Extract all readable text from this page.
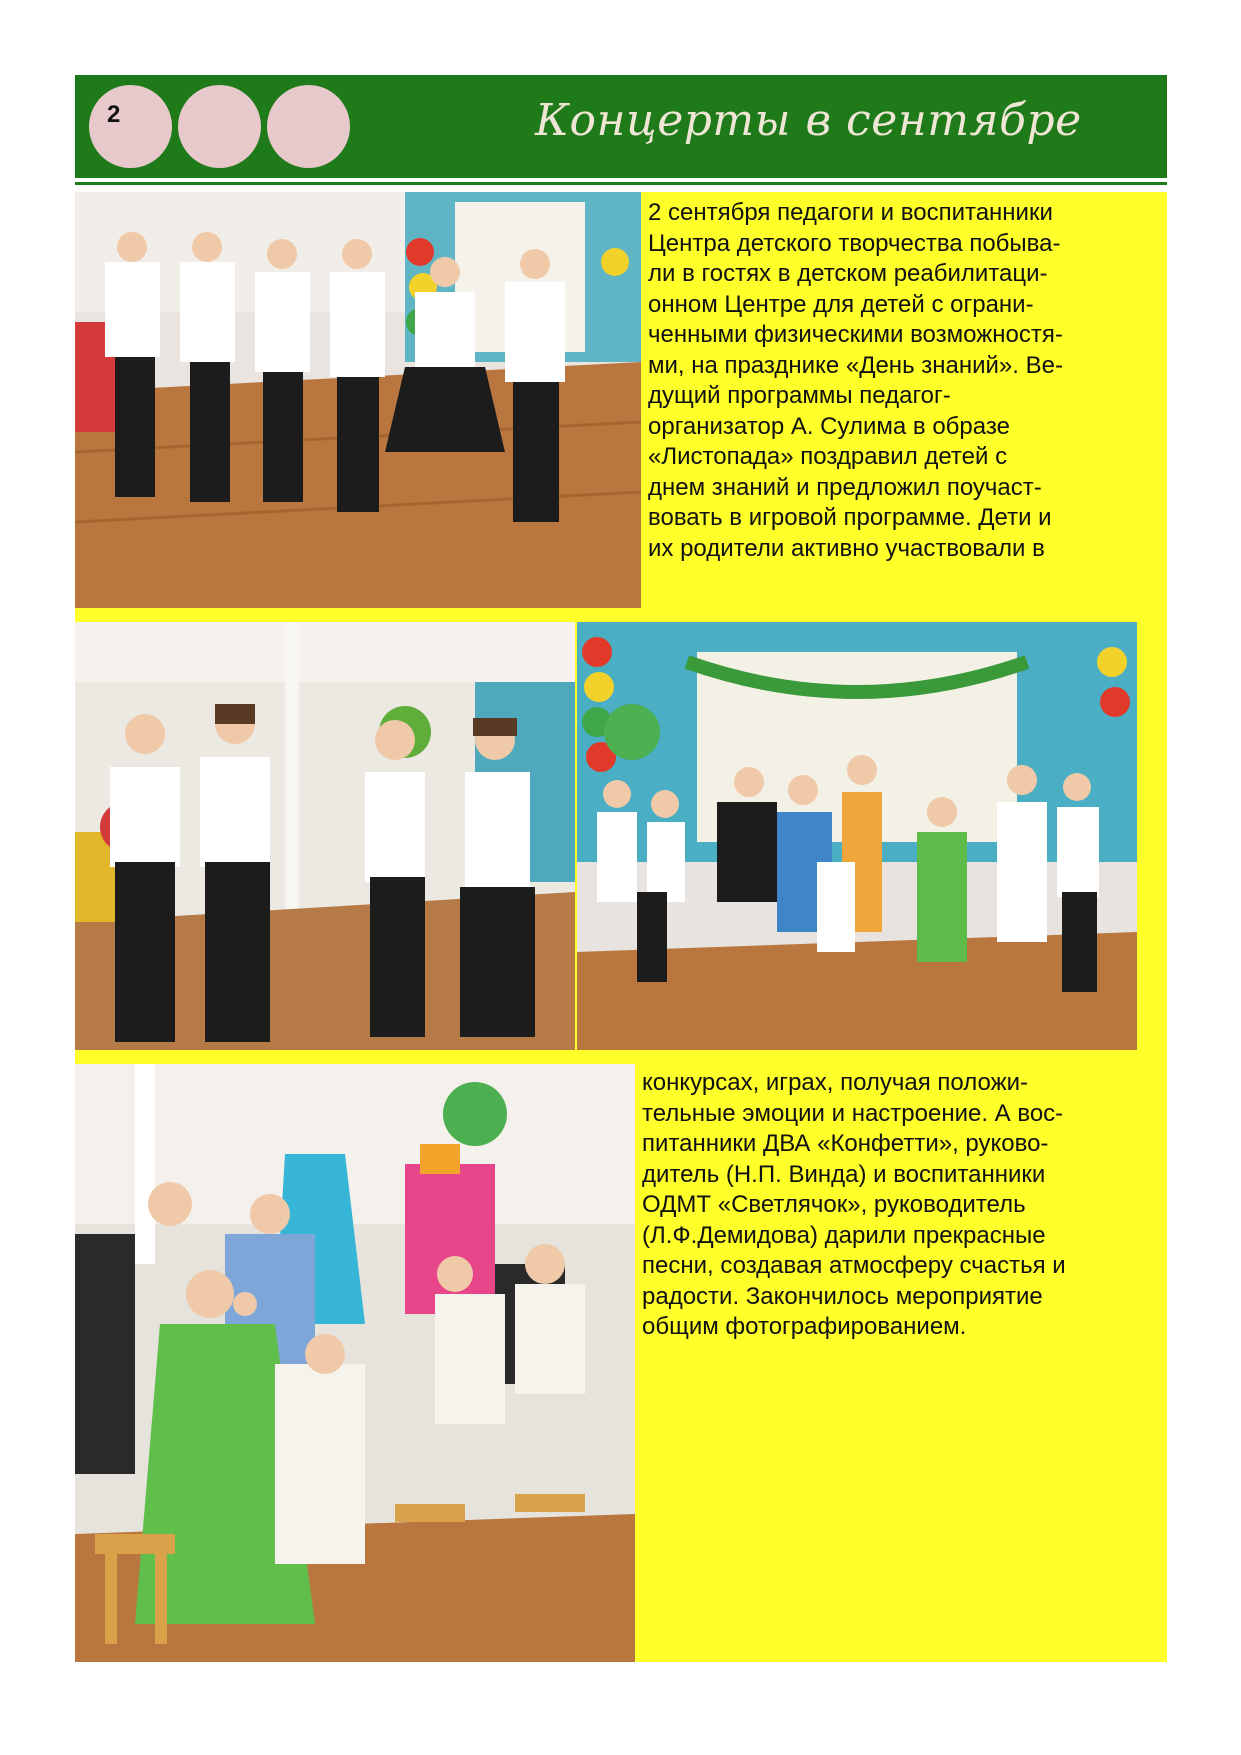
2	Концерты в сентябре
2 сентября педагоги и воспитанники
Центра детского творчества побыва-
ли в гостях в детском реабилитаци-
онном Центре для детей с ограни-
ченными физическими возможностя-
ми, на празднике «День знаний». Ве-
дущий программы педагог-
организатор А. Сулима в образе
«Листопада» поздравил детей с
днем знаний и предложил поучаст-
вовать в игровой программе. Дети и
их родители активно участвовали в
конкурсах, играх, получая положи-
тельные эмоции и настроение. А вос-
питанники ДВА «Конфетти», руково-
дитель (Н.П. Винда) и воспитанники
ОДМТ «Светлячок», руководитель
(Л.Ф.Демидова) дарили прекрасные
песни, создавая атмосферу счастья и
радости. Закончилось мероприятие
общим фотографированием.
